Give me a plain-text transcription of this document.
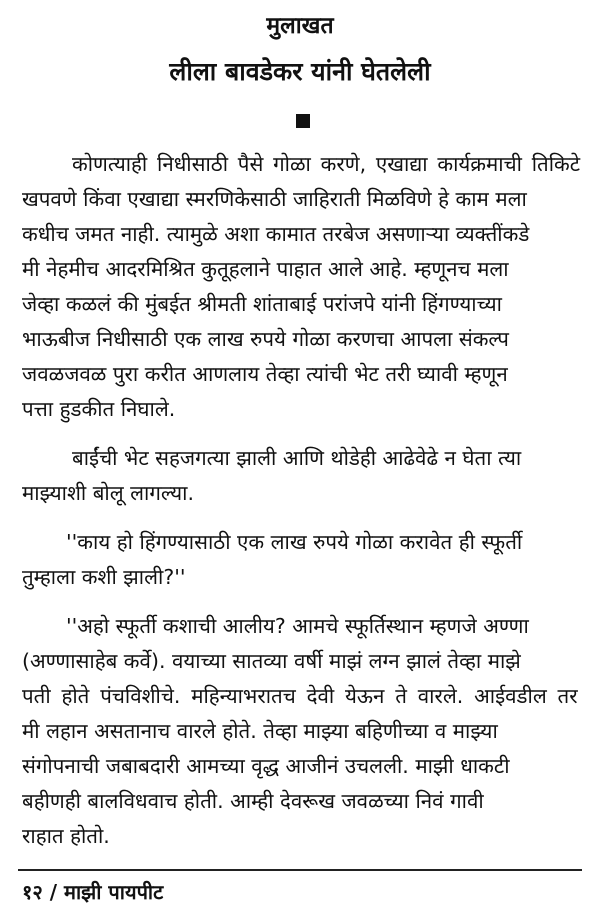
मुलाखत
लीला बावडेकर यांनी घेतलेली
कोणत्याही निधीसाठी पैसे गोळा करणे, एखाद्या कार्यक्रमाची तिकिटे
खपवणे किंवा एखाद्या स्मरणिकेसाठी जाहिराती मिळविणे हे काम मला
कधीच जमत नाही. त्यामुळे अशा कामात तरबेज असणाऱ्या व्यक्तींकडे
मी नेहमीच आदरमिश्रित कुतूहलाने पाहात आले आहे. म्हणूनच मला
जेव्हा कळलं की मुंबईत श्रीमती शांताबाई परांजपे यांनी हिंगण्याच्या
भाऊबीज निधीसाठी एक लाख रुपये गोळा करणचा आपला संकल्प
जवळजवळ पुरा करीत आणलाय तेव्हा त्यांची भेट तरी घ्यावी म्हणून
पत्ता हुडकीत निघाले.
बाईंची भेट सहजगत्या झाली आणि थोडेही आढेवेढे न घेता त्या
माझ्याशी बोलू लागल्या.
''काय हो हिंगण्यासाठी एक लाख रुपये गोळा करावेत ही स्फूर्ती
तुम्हाला कशी झाली?''
''अहो स्फूर्ती कशाची आलीय? आमचे स्फूर्तिस्थान म्हणजे अण्णा
(अण्णासाहेब कर्वे). वयाच्या सातव्या वर्षी माझं लग्न झालं तेव्हा माझे
पती होते पंचविशीचे. महिन्याभरातच देवी येऊन ते वारले. आईवडील तर
मी लहान असतानाच वारले होते. तेव्हा माझ्या बहिणीच्या व माझ्या
संगोपनाची जबाबदारी आमच्या वृद्ध आजीनं उचलली. माझी धाकटी
बहीणही बालविधवाच होती. आम्ही देवरूख जवळच्या निवं गावी
राहात होतो.
१२ / माझी पायपीट
